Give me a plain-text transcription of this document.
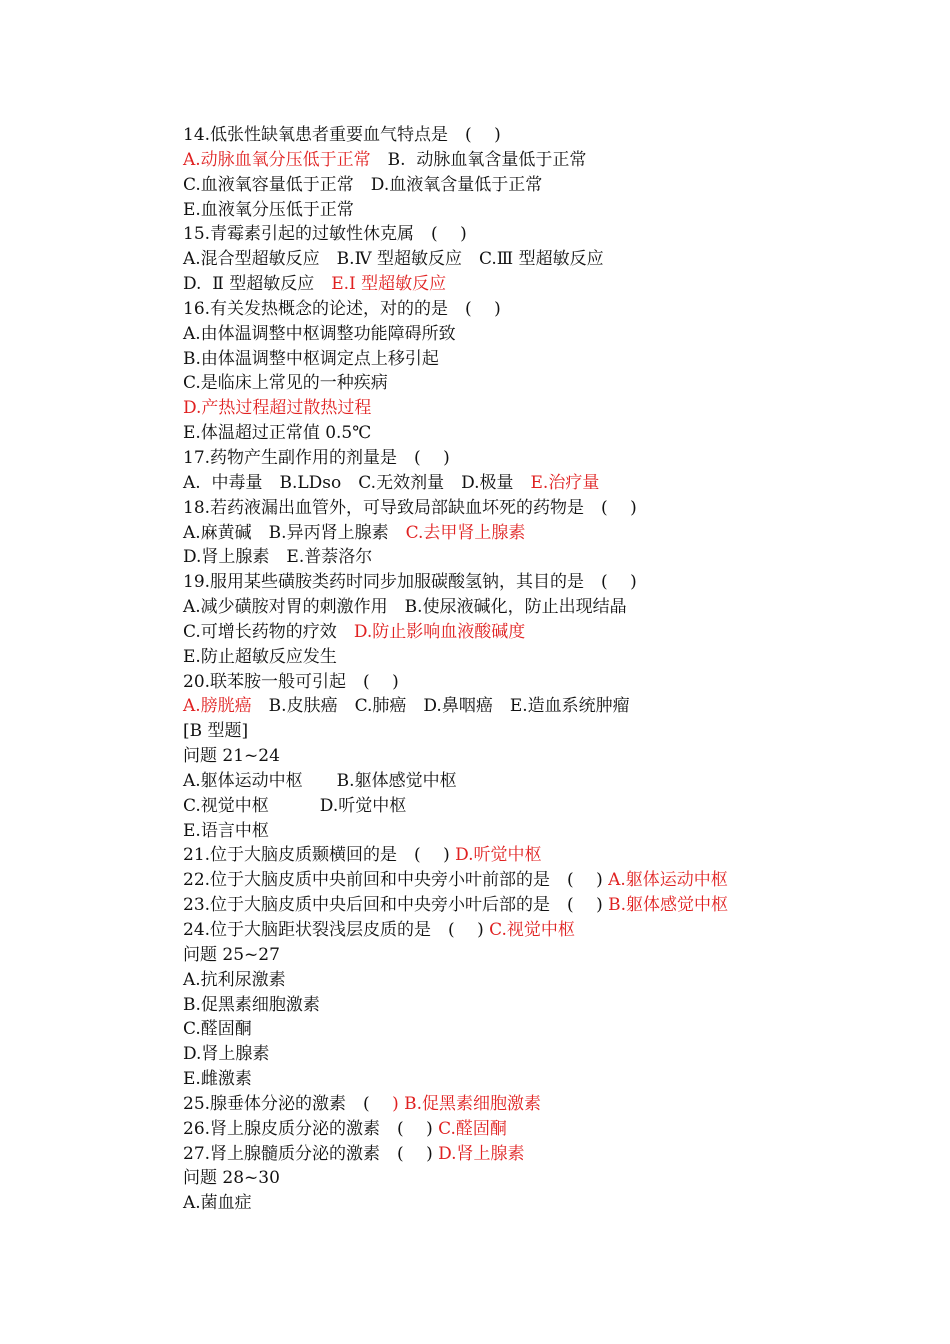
14.低张性缺氧患者重要血气特点是　( 　)
A.动脉血氧分压低于正常　B.  动脉血氧含量低于正常
C.血液氧容量低于正常　D.血液氧含量低于正常
E.血液氧分压低于正常
15.青霉素引起的过敏性休克属　( 　)
A.混合型超敏反应　B.Ⅳ 型超敏反应　C.Ⅲ 型超敏反应
D.  Ⅱ 型超敏反应　E.Ⅰ 型超敏反应
16.有关发热概念的论述，对的的是　( 　)
A.由体温调整中枢调整功能障碍所致
B.由体温调整中枢调定点上移引起
C.是临床上常见的一种疾病
D.产热过程超过散热过程
E.体温超过正常值 0.5℃
17.药物产生副作用的剂量是　( 　)
A.  中毒量　B.LDso　C.无效剂量　D.极量　E.治疗量
18.若药液漏出血管外，可导致局部缺血坏死的药物是　( 　)
A.麻黄碱　B.异丙肾上腺素　C.去甲肾上腺素
D.肾上腺素　E.普萘洛尔
19.服用某些磺胺类药时同步加服碳酸氢钠，其目的是　( 　)
A.减少磺胺对胃的刺激作用　B.使尿液碱化，防止出现结晶
C.可增长药物的疗效　D.防止影响血液酸碱度
E.防止超敏反应发生
20.联苯胺一般可引起　( 　)
A.膀胱癌　B.皮肤癌　C.肺癌　D.鼻咽癌　E.造血系统肿瘤
[B 型题]
问题 21~24
A.躯体运动中枢　　B.躯体感觉中枢
C.视觉中枢　　　D.听觉中枢
E.语言中枢
21.位于大脑皮质颞横回的是　( 　) D.听觉中枢
22.位于大脑皮质中央前回和中央旁小叶前部的是　( 　) A.躯体运动中枢
23.位于大脑皮质中央后回和中央旁小叶后部的是　( 　) B.躯体感觉中枢
24.位于大脑距状裂浅层皮质的是　( 　) C.视觉中枢
问题 25~27
A.抗利尿激素
B.促黑素细胞激素
C.醛固酮
D.肾上腺素
E.雌激素
25.腺垂体分泌的激素　( 　) B.促黑素细胞激素
26.肾上腺皮质分泌的激素　( 　) C.醛固酮
27.肾上腺髓质分泌的激素　( 　) D.肾上腺素
问题 28~30
A.菌血症
